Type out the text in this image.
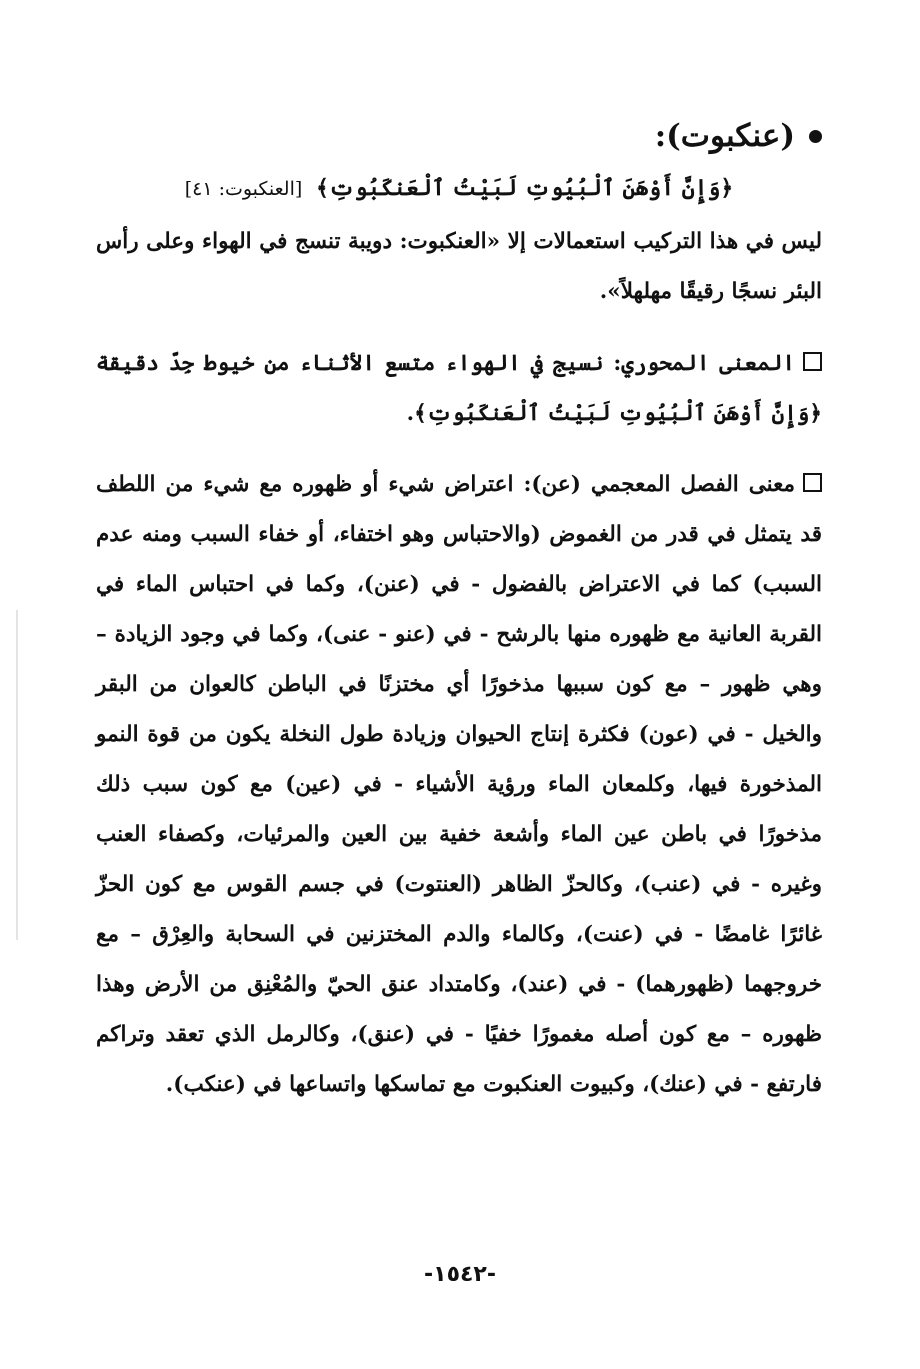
(عنكبوت):
﴿وَإِنَّ أَوْهَنَ ٱلْبُيُوتِ لَبَيْتُ ٱلْعَنكَبُوتِ﴾ [العنكبوت: ٤١]

ليس في هذا التركيب استعمالات إلا «العنكبوت: دويبة تنسج في الهواء وعلى رأس البئر نسجًا رقيقًا مهلهلاً».

المعنى المحوري: نسيج في الهواء متسع الأثناء من خيوط جِدّ دقيقة ﴿وَإِنَّ أَوْهَنَ ٱلْبُيُوتِ لَبَيْتُ ٱلْعَنكَبُوتِ﴾.

معنى الفصل المعجمي (عن): اعتراض شيء أو ظهوره مع شيء من اللطف قد يتمثل في قدر من الغموض (والاحتباس وهو اختفاء، أو خفاء السبب ومنه عدم السبب) كما في الاعتراض بالفضول - في (عنن)، وكما في احتباس الماء في القربة العانية مع ظهوره منها بالرشح - في (عنو - عنى)، وكما في وجود الزيادة – وهي ظهور – مع كون سببها مذخورًا أي مختزنًا في الباطن كالعوان من البقر والخيل - في (عون) فكثرة إنتاج الحيوان وزيادة طول النخلة يكون من قوة النمو المذخورة فيها، وكلمعان الماء ورؤية الأشياء - في (عين) مع كون سبب ذلك مذخورًا في باطن عين الماء وأشعة خفية بين العين والمرئيات، وكصفاء العنب وغيره - في (عنب)، وكالحزّ الظاهر (العنتوت) في جسم القوس مع كون الحزّ غائرًا غامضًا - في (عنت)، وكالماء والدم المختزنين في السحابة والعِرْق – مع خروجهما (ظهورهما) - في (عند)، وكامتداد عنق الحيّ والمُعْنِق من الأرض وهذا ظهوره – مع كون أصله مغمورًا خفيًا - في (عنق)، وكالرمل الذي تعقد وتراكم فارتفع - في (عنك)، وكبيوت العنكبوت مع تماسكها واتساعها في (عنكب).

-١٥٤٢-
